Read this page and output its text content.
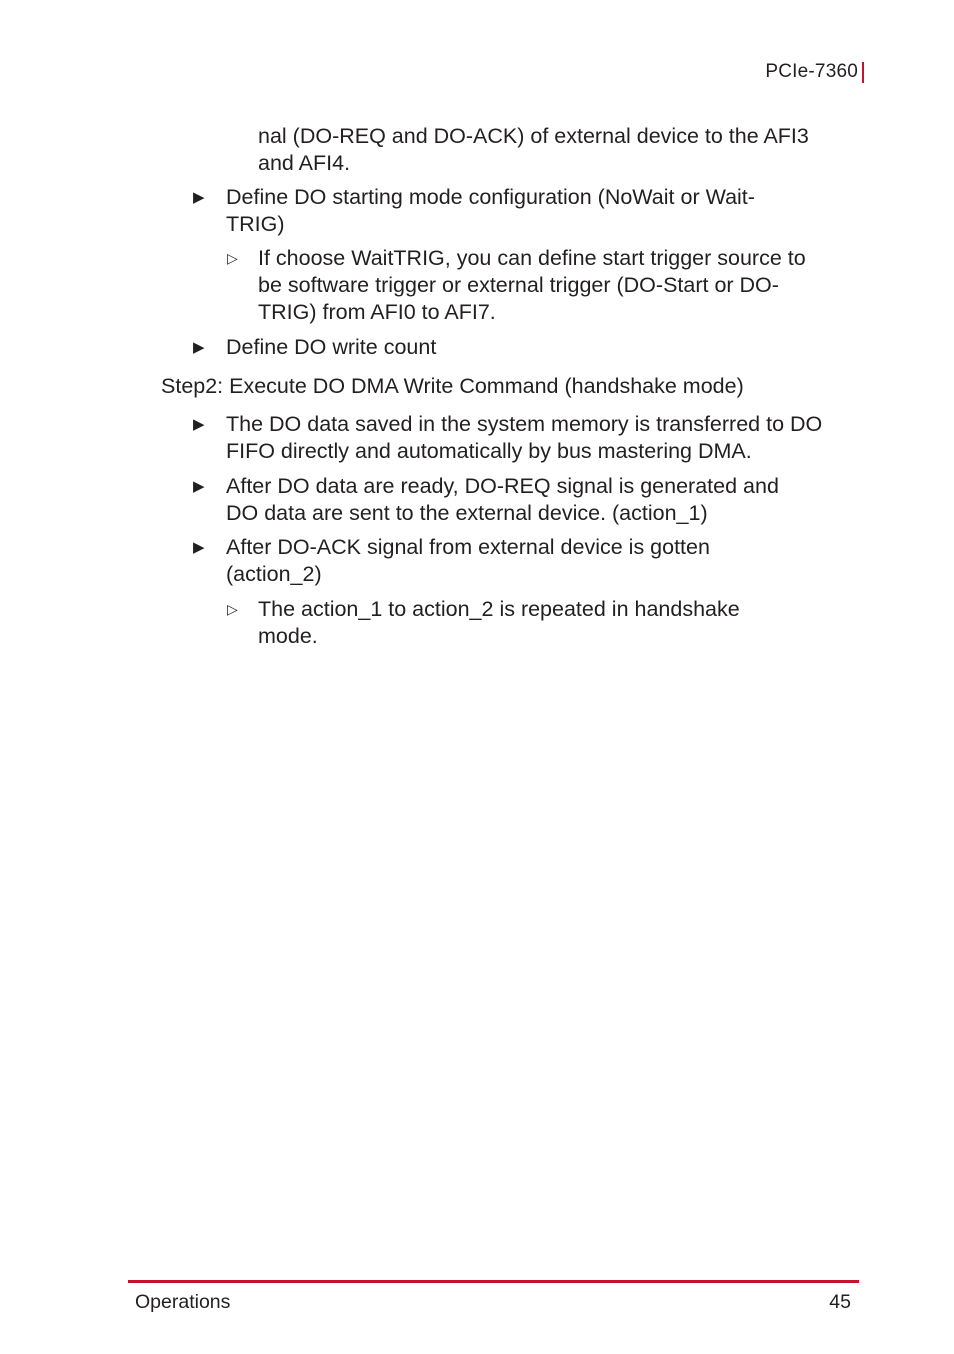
PCIe-7360
nal (DO-REQ and DO-ACK) of external device to the AFI3 and AFI4.
▶ Define DO starting mode configuration (NoWait or Wait-TRIG)
▷ If choose WaitTRIG, you can define start trigger source to be software trigger or external trigger (DO-Start or DO-TRIG) from AFI0 to AFI7.
▶ Define DO write count
Step2: Execute DO DMA Write Command (handshake mode)
▶ The DO data saved in the system memory is transferred to DO FIFO directly and automatically by bus mastering DMA.
▶ After DO data are ready, DO-REQ signal is generated and DO data are sent to the external device. (action_1)
▶ After DO-ACK signal from external device is gotten (action_2)
▷ The action_1 to action_2 is repeated in handshake mode.
Operations	45
